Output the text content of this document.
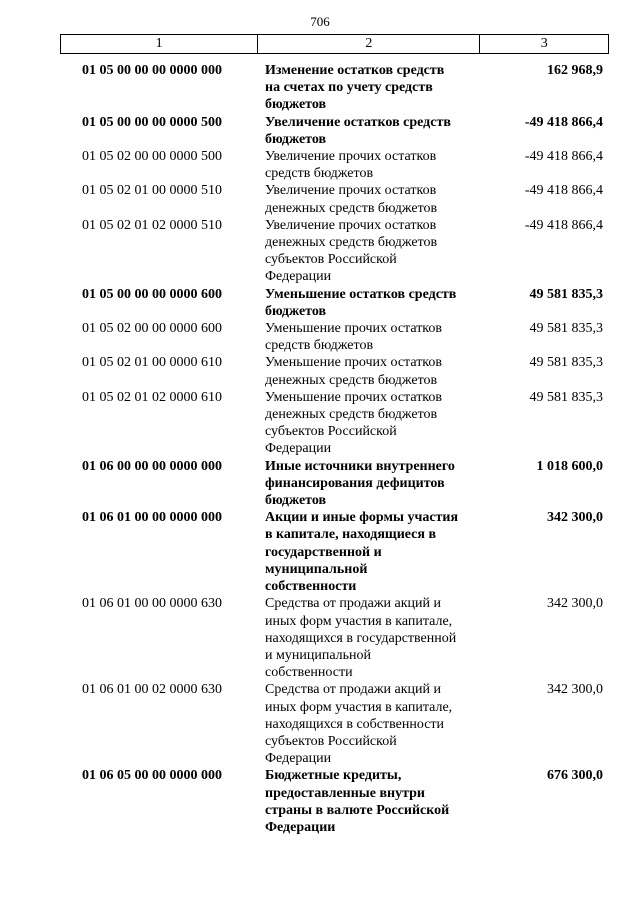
706
1	2	3
01 05 00 00 00 0000 000	Изменение остатков средств
на счетах по учету средств
бюджетов
162 968,9
01 05 00 00 00 0000 500	Увеличение остатков средств
бюджетов
-49 418 866,4
01 05 02 00 00 0000 500	Увеличение прочих остатков
средств бюджетов
-49 418 866,4
01 05 02 01 00 0000 510	Увеличение прочих остатков
денежных средств бюджетов
-49 418 866,4
01 05 02 01 02 0000 510	Увеличение прочих остатков
денежных средств бюджетов
субъектов Российской
Федерации
-49 418 866,4
01 05 00 00 00 0000 600	Уменьшение остатков средств
бюджетов
49 581 835,3
01 05 02 00 00 0000 600	Уменьшение прочих остатков
средств бюджетов
49 581 835,3
01 05 02 01 00 0000 610	Уменьшение прочих остатков
денежных средств бюджетов
49 581 835,3
01 05 02 01 02 0000 610	Уменьшение прочих остатков
денежных средств бюджетов
субъектов Российской
Федерации
49 581 835,3
01 06 00 00 00 0000 000	Иные источники внутреннего
финансирования дефицитов
бюджетов
1 018 600,0
01 06 01 00 00 0000 000	Акции и иные формы участия
в капитале, находящиеся в
государственной и
муниципальной
собственности
342 300,0
01 06 01 00 00 0000 630	Средства от продажи акций и
иных форм участия в капитале,
находящихся в государственной
и муниципальной
собственности
342 300,0
01 06 01 00 02 0000 630	Средства от продажи акций и
иных форм участия в капитале,
находящихся в собственности
субъектов Российской
Федерации
342 300,0
01 06 05 00 00 0000 000	Бюджетные кредиты,
предоставленные внутри
страны в валюте Российской
Федерации
676 300,0
